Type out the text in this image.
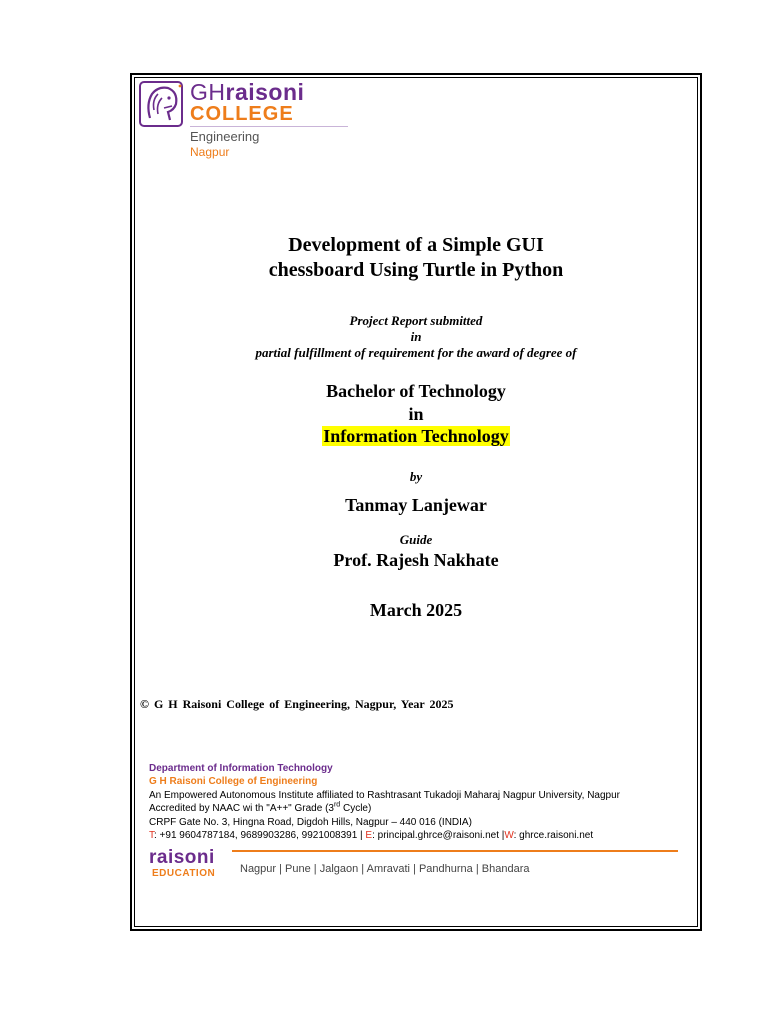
GHraisoni
COLLEGE
Engineering
Nagpur
Development of a Simple GUI
chessboard Using Turtle in Python
Project Report submitted
in
partial fulfillment of requirement for the award of degree of
Bachelor of Technology
in
Information Technology
by
Tanmay Lanjewar
Guide
Prof. Rajesh Nakhate
March 2025
© G H Raisoni College of Engineering, Nagpur, Year 2025
Department of Information Technology
G H Raisoni College of Engineering
An Empowered Autonomous Institute affiliated to Rashtrasant Tukadoji Maharaj Nagpur University, Nagpur
Accredited by NAAC wi th "A++" Grade (3rd Cycle)
CRPF Gate No. 3, Hingna Road, Digdoh Hills, Nagpur – 440 016 (INDIA)
T: +91 9604787184, 9689903286, 9921008391 | E: principal.ghrce@raisoni.net |W: ghrce.raisoni.net
raisoni
EDUCATION Nagpur | Pune | Jalgaon | Amravati | Pandhurna | Bhandara
